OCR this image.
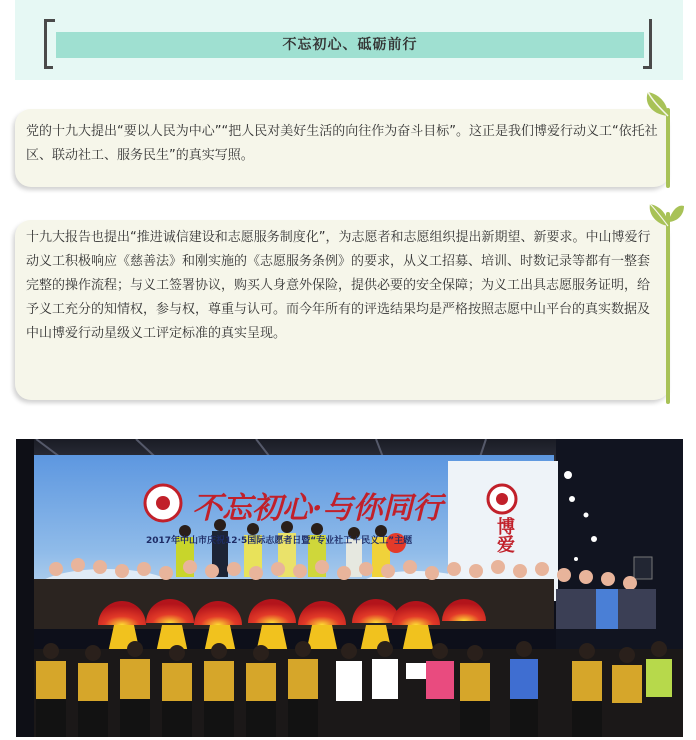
不忘初心、砥砺前行
党的十九大提出“要以人民为中心”“把人民对美好生活的向往作为奋斗目标”。这正是我们博爱行动义工“依托社区、联动社工、服务民生”的真实写照。
十九大报告也提出“推进诚信建设和志愿服务制度化”，为志愿者和志愿组织提出新期望、新要求。中山博爱行动义工积极响应《慈善法》和刚实施的《志愿服务条例》的要求，从义工招募、培训、时数记录等都有一整套完整的操作流程；与义工签署协议，购买人身意外保险，提供必要的安全保障；为义工出具志愿服务证明，给予义工充分的知情权，参与权，尊重与认可。而今年所有的评选结果均是严格按照志愿中山平台的真实数据及中山博爱行动星级义工评定标准的真实呈现。
不忘初心·与你同行
2017年中山市庆祝12·5国际志愿者日暨“专业社工＋民义工”主题	博爱
